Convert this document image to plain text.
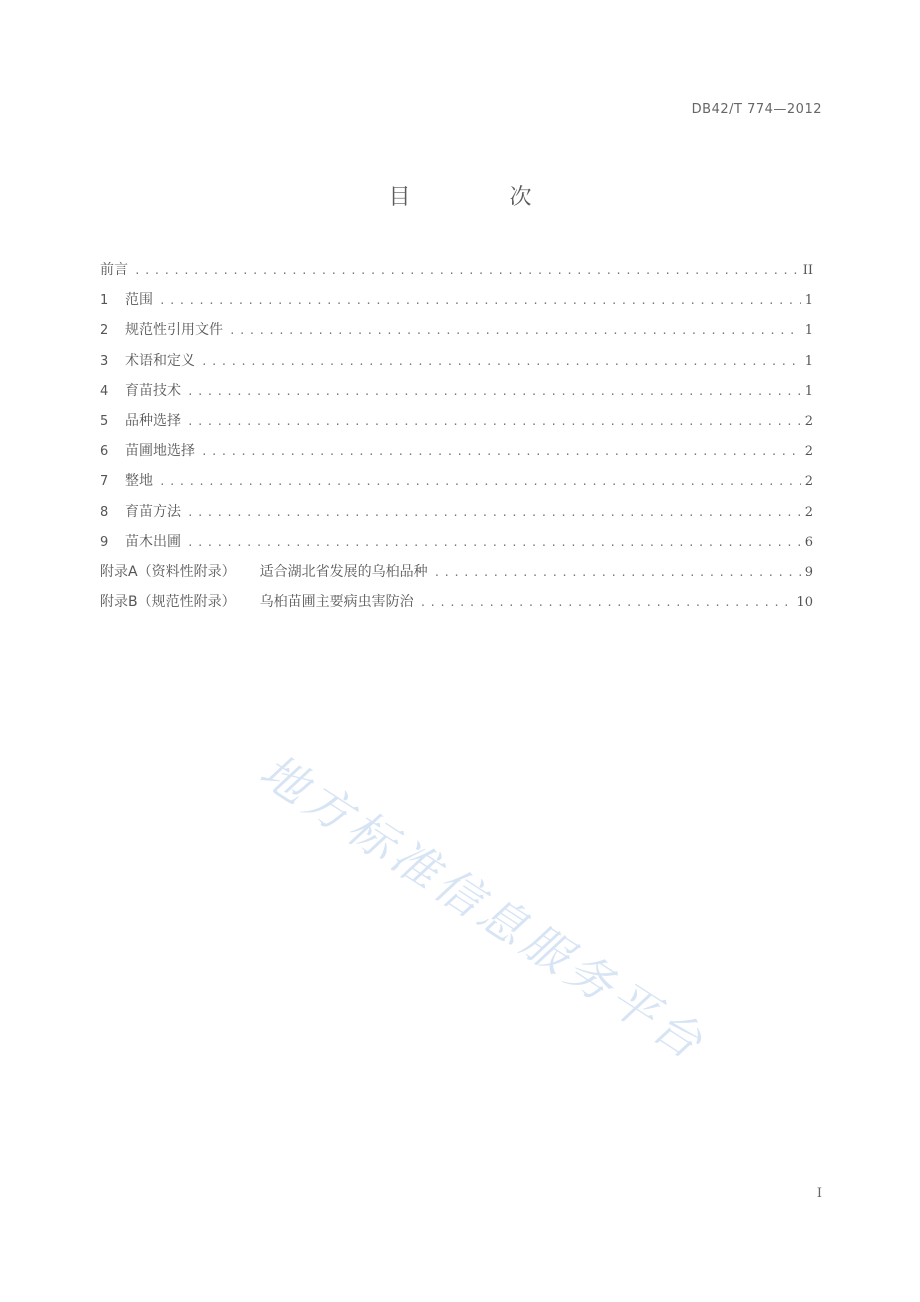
DB42/T 774—2012
目 次
前言 .....	II
1	范围 .....	1
2	规范性引用文件 .....	1
3	术语和定义 .....	1
4	育苗技术 .....	1
5	品种选择 .....	2
6	苗圃地选择 .....	2
7	整地 .....	2
8	育苗方法 .....	2
9	苗木出圃 .....	6
附录A（资料性附录） 适合湖北省发展的乌桕品种 .....	9
附录B（规范性附录） 乌桕苗圃主要病虫害防治 .....	10
地方标准信息服务平台
I
